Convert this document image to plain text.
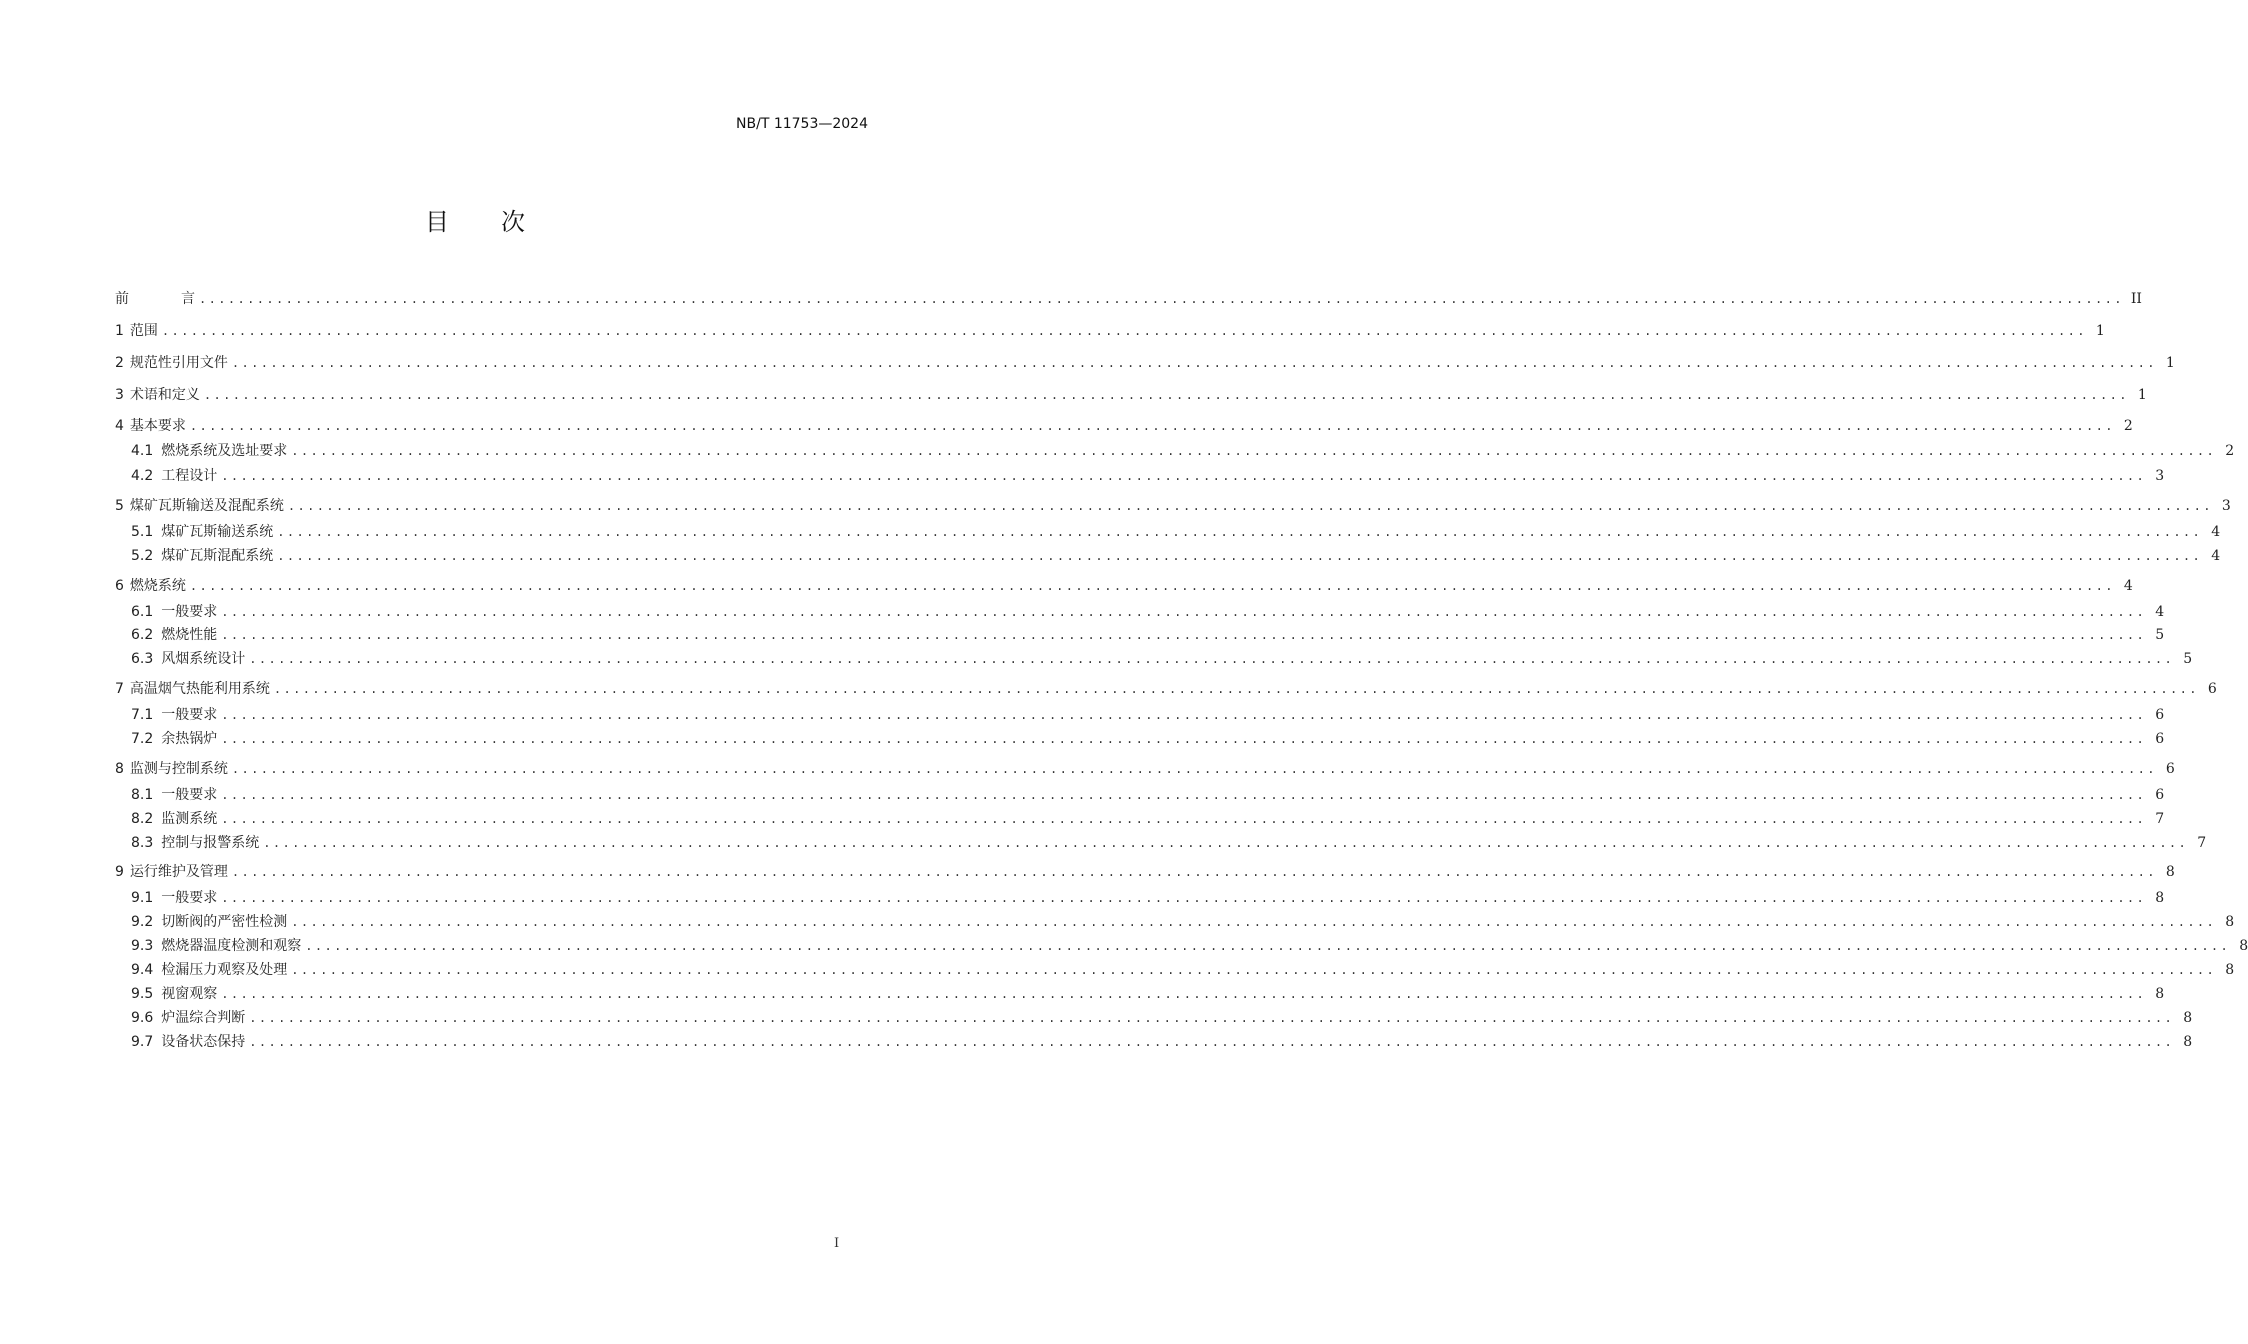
NB/T 11753—2024
目 次
前	言 ........................................................................................................................................................................................................ II
1 范围 ........................................................................................................................................................................................................ 1
2 规范性引用文件 ........................................................................................................................................................................................................ 1
3 术语和定义 ........................................................................................................................................................................................................ 1
4 基本要求 ........................................................................................................................................................................................................ 2
4.1 燃烧系统及选址要求 ........................................................................................................................................................................................................ 2
4.2 工程设计 ........................................................................................................................................................................................................ 3
5 煤矿瓦斯输送及混配系统 ........................................................................................................................................................................................................ 3
5.1 煤矿瓦斯输送系统 ........................................................................................................................................................................................................ 4
5.2 煤矿瓦斯混配系统 ........................................................................................................................................................................................................ 4
6 燃烧系统 ........................................................................................................................................................................................................ 4
6.1 一般要求 ........................................................................................................................................................................................................ 4
6.2 燃烧性能 ........................................................................................................................................................................................................ 5
6.3 风烟系统设计 ........................................................................................................................................................................................................ 5
7 高温烟气热能利用系统 ........................................................................................................................................................................................................ 6
7.1 一般要求 ........................................................................................................................................................................................................ 6
7.2 余热锅炉 ........................................................................................................................................................................................................ 6
8 监测与控制系统 ........................................................................................................................................................................................................ 6
8.1 一般要求 ........................................................................................................................................................................................................ 6
8.2 监测系统 ........................................................................................................................................................................................................ 7
8.3 控制与报警系统 ........................................................................................................................................................................................................ 7
9 运行维护及管理 ........................................................................................................................................................................................................ 8
9.1 一般要求 ........................................................................................................................................................................................................ 8
9.2 切断阀的严密性检测 ........................................................................................................................................................................................................ 8
9.3 燃烧器温度检测和观察 ........................................................................................................................................................................................................ 8
9.4 检漏压力观察及处理 ........................................................................................................................................................................................................ 8
9.5 视窗观察 ........................................................................................................................................................................................................ 8
9.6 炉温综合判断 ........................................................................................................................................................................................................ 8
9.7 设备状态保持 ........................................................................................................................................................................................................ 8
I
